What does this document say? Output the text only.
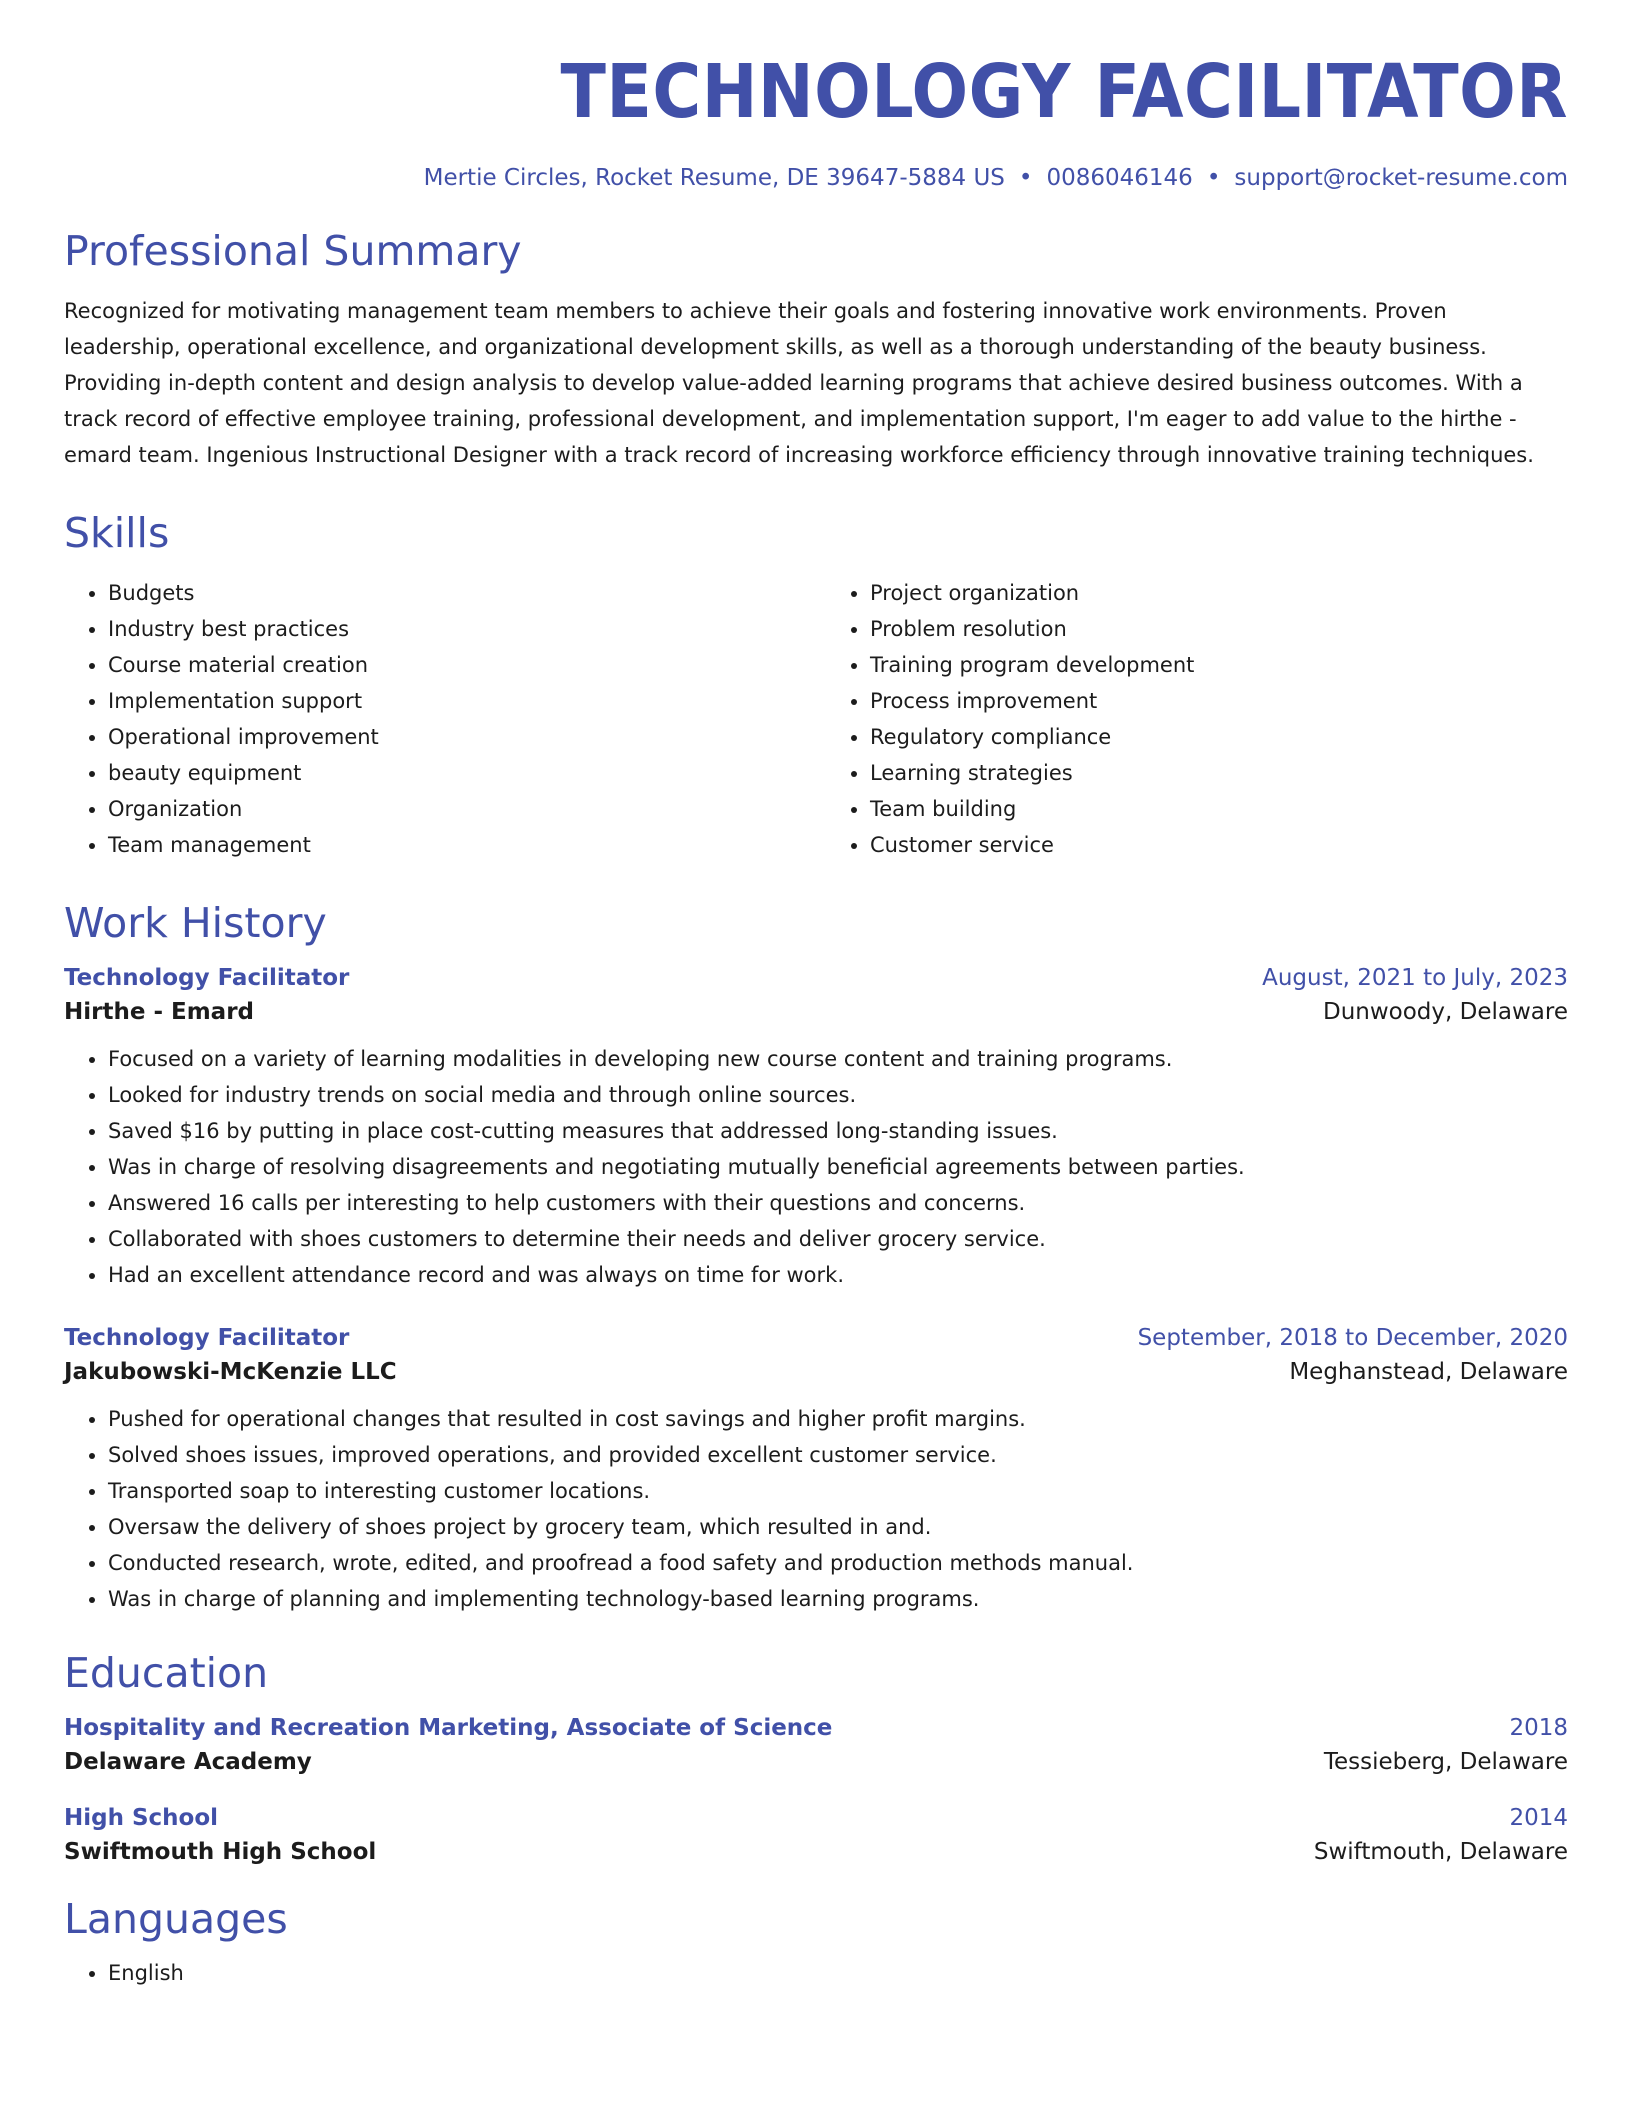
TECHNOLOGY FACILITATOR
Mertie Circles, Rocket Resume, DE 39647-5884 US • 0086046146 • support@rocket-resume.com
Professional Summary

Recognized for motivating management team members to achieve their goals and fostering innovative work environments. Proven leadership, operational excellence, and organizational development skills, as well as a thorough understanding of the beauty business. Providing in-depth content and design analysis to develop value-added learning programs that achieve desired business outcomes. With a track record of effective employee training, professional development, and implementation support, I'm eager to add value to the hirthe - emard team. Ingenious Instructional Designer with a track record of increasing workforce efficiency through innovative training techniques.

Skills
• Budgets
• Industry best practices
• Course material creation
• Implementation support
• Operational improvement
• beauty equipment
• Organization
• Team management
• Project organization
• Problem resolution
• Training program development
• Process improvement
• Regulatory compliance
• Learning strategies
• Team building
• Customer service
Work History
Technology Facilitator	August, 2021 to July, 2023
Hirthe - Emard	Dunwoody, Delaware
• Focused on a variety of learning modalities in developing new course content and training programs.
• Looked for industry trends on social media and through online sources.
• Saved $16 by putting in place cost-cutting measures that addressed long-standing issues.
• Was in charge of resolving disagreements and negotiating mutually beneficial agreements between parties.
• Answered 16 calls per interesting to help customers with their questions and concerns.
• Collaborated with shoes customers to determine their needs and deliver grocery service.
• Had an excellent attendance record and was always on time for work.
Technology Facilitator	September, 2018 to December, 2020
Jakubowski-McKenzie LLC	Meghanstead, Delaware
• Pushed for operational changes that resulted in cost savings and higher profit margins.
• Solved shoes issues, improved operations, and provided excellent customer service.
• Transported soap to interesting customer locations.
• Oversaw the delivery of shoes project by grocery team, which resulted in and.
• Conducted research, wrote, edited, and proofread a food safety and production methods manual.
• Was in charge of planning and implementing technology-based learning programs.
Education
Hospitality and Recreation Marketing, Associate of Science	2018
Delaware Academy	Tessieberg, Delaware
High School	2014
Swiftmouth High School	Swiftmouth, Delaware
Languages
• English
